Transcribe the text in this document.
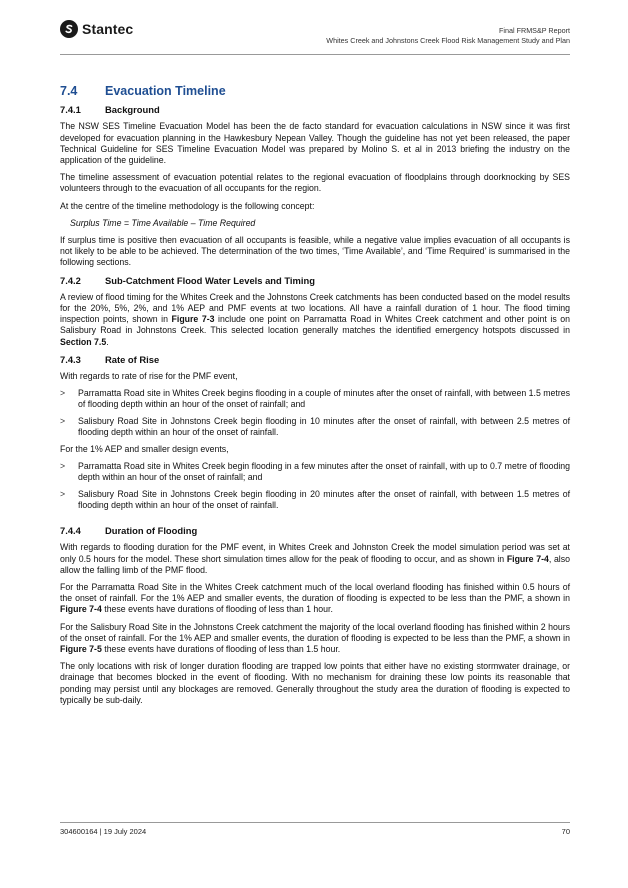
Stantec	Final FRMS&P Report
Whites Creek and Johnstons Creek Flood Risk Management Study and Plan
7.4	Evacuation Timeline
7.4.1	Background

The NSW SES Timeline Evacuation Model has been the de facto standard for evacuation calculations in NSW since it was first developed for evacuation planning in the Hawkesbury Nepean Valley. Though the guideline has not yet been released, the paper Technical Guideline for SES Timeline Evacuation Model was prepared by Molino S. et al in 2013 briefing the industry on the application of the guideline.

The timeline assessment of evacuation potential relates to the regional evacuation of floodplains through doorknocking by SES volunteers through to the evacuation of all occupants for the region.

At the centre of the timeline methodology is the following concept:

Surplus Time = Time Available – Time Required

If surplus time is positive then evacuation of all occupants is feasible, while a negative value implies evacuation of all occupants is not likely to be able to be achieved. The determination of the two times, ‘Time Available’, and ‘Time Required’ is summarised in the following sections.

7.4.2	Sub-Catchment Flood Water Levels and Timing

A review of flood timing for the Whites Creek and the Johnstons Creek catchments has been conducted based on the model results for the 20%, 5%, 2%, and 1% AEP and PMF events at two locations. All have a rainfall duration of 1 hour. The flood timing inspection points, shown in Figure 7-3 include one point on Parramatta Road in Whites Creek catchment and other point is on Salisbury Road in Johnstons Creek. This selected location generally matches the identified emergency hotspots discussed in Section 7.5.

7.4.3	Rate of Rise

With regards to rate of rise for the PMF event,

>	Parramatta Road site in Whites Creek begins flooding in a couple of minutes after the onset of rainfall, with between 1.5 metres of flooding depth within an hour of the onset of rainfall; and
>	Salisbury Road Site in Johnstons Creek begin flooding in 10 minutes after the onset of rainfall, with between 2.5 metres of flooding depth within an hour of the onset of rainfall.

For the 1% AEP and smaller design events,

>	Parramatta Road site in Whites Creek begin flooding in a few minutes after the onset of rainfall, with up to 0.7 metre of flooding depth within an hour of the onset of rainfall; and
>	Salisbury Road Site in Johnstons Creek begin flooding in 20 minutes after the onset of rainfall, with between 1.5 metres of flooding depth within an hour of the onset of rainfall.
7.4.4	Duration of Flooding

With regards to flooding duration for the PMF event, in Whites Creek and Johnston Creek the model simulation period was set at only 0.5 hours for the model. These short simulation times allow for the peak of flooding to occur, and as shown in Figure 7-4, also allow the falling limb of the PMF flood.

For the Parramatta Road Site in the Whites Creek catchment much of the local overland flooding has finished within 0.5 hours of the onset of rainfall. For the 1% AEP and smaller events, the duration of flooding is expected to be less than the PMF, a shown in Figure 7-4 these events have durations of flooding of less than 1 hour.

For the Salisbury Road Site in the Johnstons Creek catchment the majority of the local overland flooding has finished within 2 hours of the onset of rainfall. For the 1% AEP and smaller events, the duration of flooding is expected to be less than the PMF, a shown in Figure 7-5 these events have durations of flooding of less than 1.5 hour.

The only locations with risk of longer duration flooding are trapped low points that either have no existing stormwater drainage, or drainage that becomes blocked in the event of flooding. With no mechanism for draining these low points its reasonable that ponding may persist until any blockages are removed. Generally throughout the study area the duration of flooding is expected to typically be sub-daily.

304600164 | 19 July 2024	70
